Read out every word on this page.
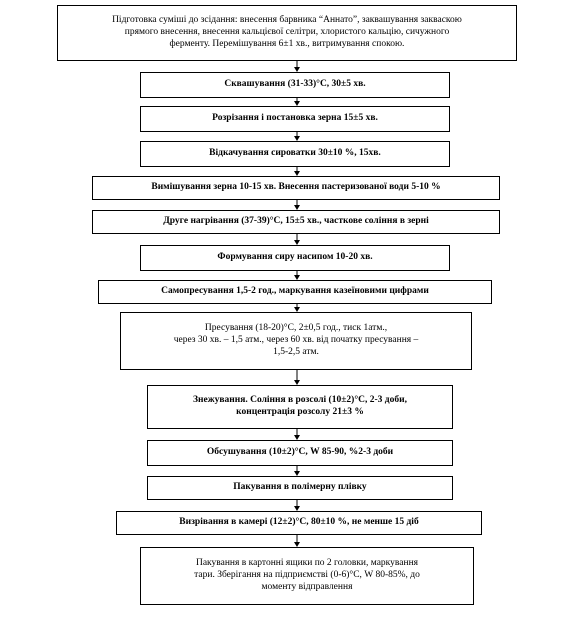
Підготовка суміші до зсідання: внесення барвника “Аннато”, заквашування закваскою
прямого внесення, внесення кальцієвої селітри, хлористого кальцію, сичужного
ферменту. Перемішування 6±1 хв., витримування спокою.
Сквашування (31-33)°С, 30±5 хв.
Розрізання і постановка зерна 15±5 хв.
Відкачування сироватки 30±10 %, 15хв.
Вимішування зерна 10-15 хв. Внесення пастеризованої води 5-10 %
Друге нагрівання (37-39)°С, 15±5 хв., часткове соління в зерні
Формування сиру насипом 10-20 хв.
Самопресування 1,5-2 год., маркування казеїновими цифрами
Пресування (18-20)°С, 2±0,5 год., тиск 1атм.,
через 30 хв. – 1,5 атм., через 60 хв. від початку пресування –
1,5-2,5 атм.
Знежування. Соління в розсолі (10±2)°С, 2-3 доби,
концентрація розсолу 21±3 %
Обсушування (10±2)°С, W 85-90, %2-3 доби
Пакування в полімерну плівку
Визрівання в камері (12±2)°С, 80±10 %, не менше 15 діб
Пакування в картонні ящики по 2 головки, маркування
тари. Зберігання на підприємстві (0-6)°С, W 80-85%, до
моменту відправлення
